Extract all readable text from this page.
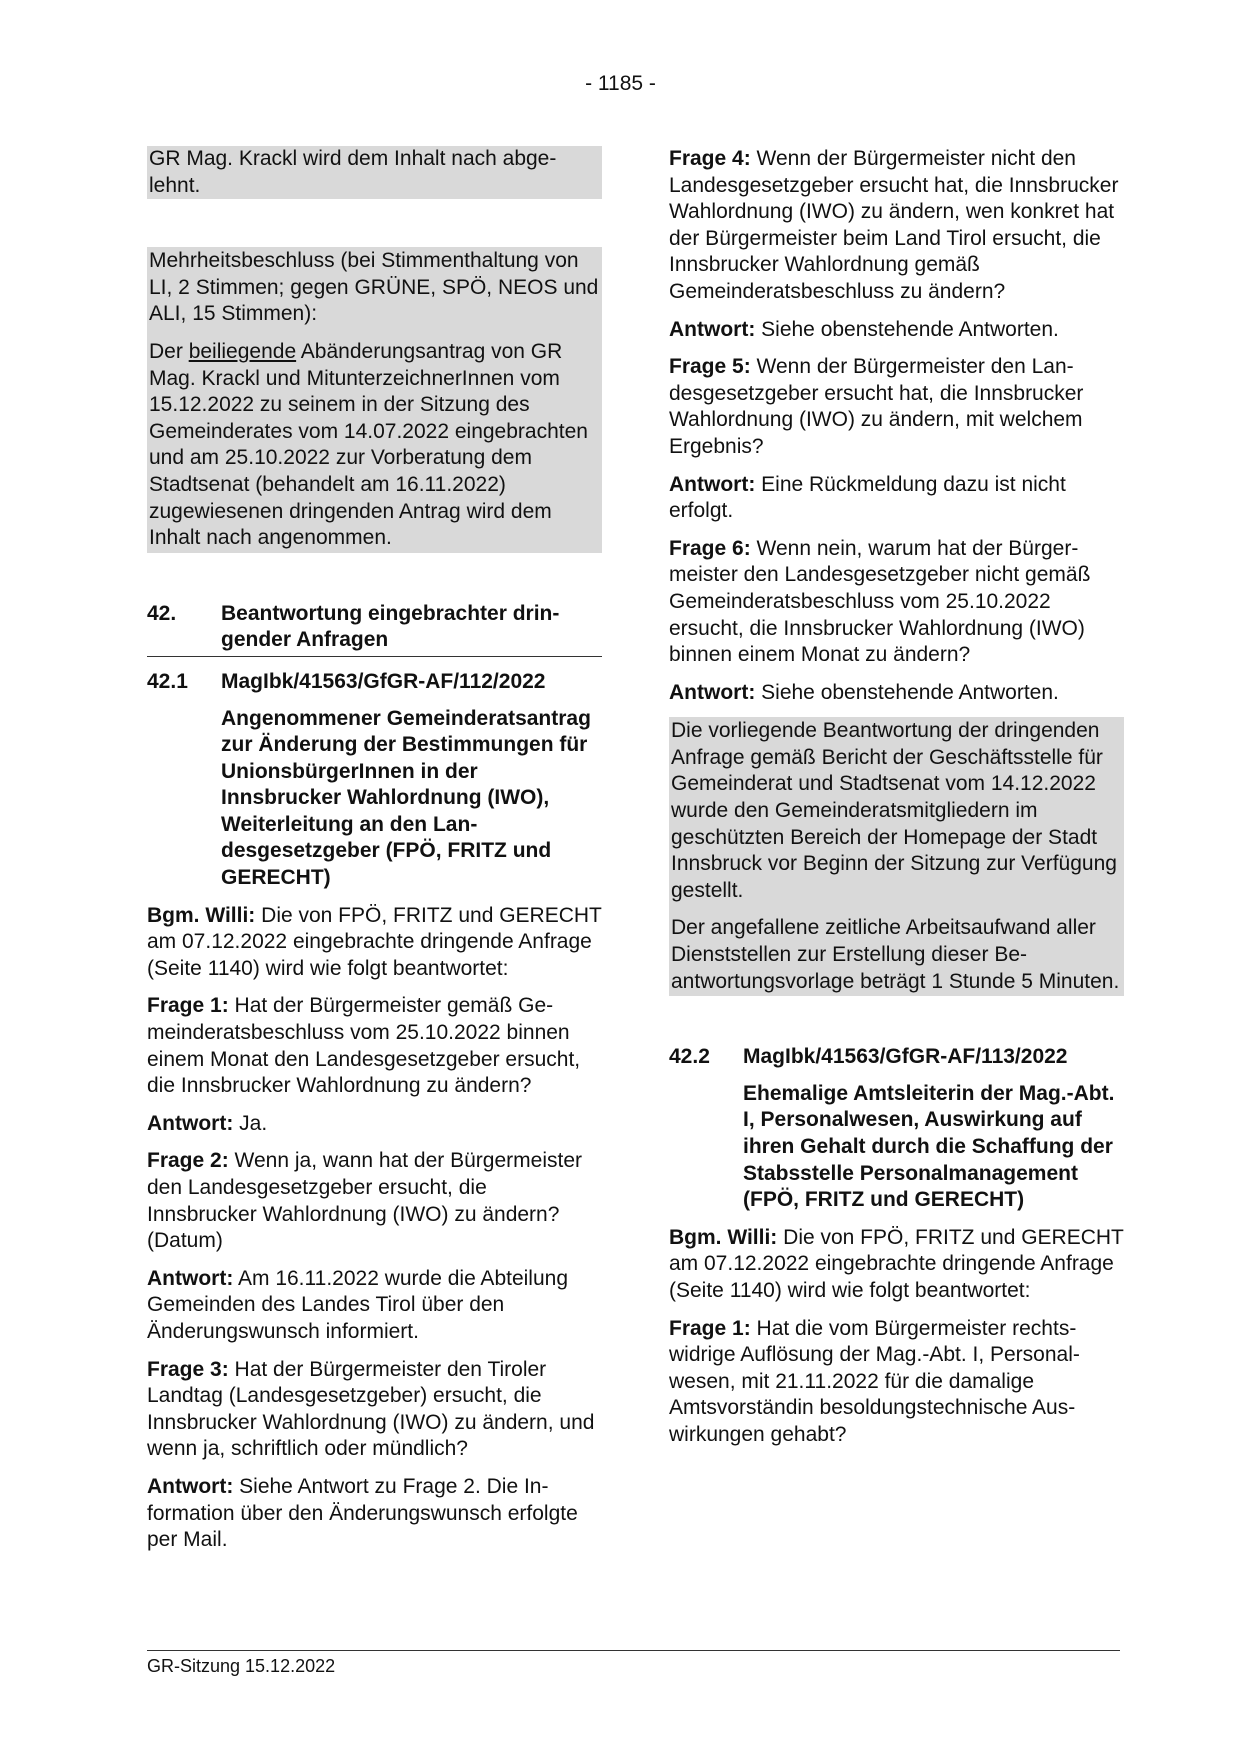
- 1185 -

GR Mag. Krackl wird dem Inhalt nach abgelehnt.

Mehrheitsbeschluss (bei Stimmenthaltung von LI, 2 Stimmen; gegen GRÜNE, SPÖ, NEOS und ALI, 15 Stimmen):

Der beiliegende Abänderungsantrag von GR Mag. Krackl und MitunterzeichnerInnen vom 15.12.2022 zu seinem in der Sitzung des Gemeinderates vom 14.07.2022 eingebrachten und am 25.10.2022 zur Vorberatung dem Stadtsenat (behandelt am 16.11.2022) zugewiesenen dringenden Antrag wird dem Inhalt nach angenommen.

42.	Beantwortung eingebrachter dringender Anfragen
42.1	MagIbk/41563/GfGR-AF/112/2022

Angenommener Gemeinderatsantrag zur Änderung der Bestimmungen für UnionsbürgerInnen in der Innsbrucker Wahlordnung (IWO), Weiterleitung an den Landesgesetzgeber (FPÖ, FRITZ und GERECHT)

Bgm. Willi: Die von FPÖ, FRITZ und GERECHT am 07.12.2022 eingebrachte dringende Anfrage (Seite 1140) wird wie folgt beantwortet:

Frage 1: Hat der Bürgermeister gemäß Gemeinderatsbeschluss vom 25.10.2022 binnen einem Monat den Landesgesetzgeber ersucht, die Innsbrucker Wahlordnung zu ändern?

Antwort: Ja.

Frage 2: Wenn ja, wann hat der Bürgermeister den Landesgesetzgeber ersucht, die Innsbrucker Wahlordnung (IWO) zu ändern? (Datum)

Antwort: Am 16.11.2022 wurde die Abteilung Gemeinden des Landes Tirol über den Änderungswunsch informiert.

Frage 3: Hat der Bürgermeister den Tiroler Landtag (Landesgesetzgeber) ersucht, die Innsbrucker Wahlordnung (IWO) zu ändern, und wenn ja, schriftlich oder mündlich?

Antwort: Siehe Antwort zu Frage 2. Die Information über den Änderungswunsch erfolgte per Mail.

Frage 4: Wenn der Bürgermeister nicht den Landesgesetzgeber ersucht hat, die Innsbrucker Wahlordnung (IWO) zu ändern, wen konkret hat der Bürgermeister beim Land Tirol ersucht, die Innsbrucker Wahlordnung gemäß Gemeinderatsbeschluss zu ändern?

Antwort: Siehe obenstehende Antworten.

Frage 5: Wenn der Bürgermeister den Landesgesetzgeber ersucht hat, die Innsbrucker Wahlordnung (IWO) zu ändern, mit welchem Ergebnis?

Antwort: Eine Rückmeldung dazu ist nicht erfolgt.

Frage 6: Wenn nein, warum hat der Bürgermeister den Landesgesetzgeber nicht gemäß Gemeinderatsbeschluss vom 25.10.2022 ersucht, die Innsbrucker Wahlordnung (IWO) binnen einem Monat zu ändern?

Antwort: Siehe obenstehende Antworten.

Die vorliegende Beantwortung der dringenden Anfrage gemäß Bericht der Geschäftsstelle für Gemeinderat und Stadtsenat vom 14.12.2022 wurde den Gemeinderatsmitgliedern im geschützten Bereich der Homepage der Stadt Innsbruck vor Beginn der Sitzung zur Verfügung gestellt.

Der angefallene zeitliche Arbeitsaufwand aller Dienststellen zur Erstellung dieser Beantwortungsvorlage beträgt 1 Stunde 5 Minuten.

42.2	MagIbk/41563/GfGR-AF/113/2022

Ehemalige Amtsleiterin der Mag.-Abt. I, Personalwesen, Auswirkung auf ihren Gehalt durch die Schaffung der Stabsstelle Personalmanagement (FPÖ, FRITZ und GERECHT)

Bgm. Willi: Die von FPÖ, FRITZ und GERECHT am 07.12.2022 eingebrachte dringende Anfrage (Seite 1140) wird wie folgt beantwortet:

Frage 1: Hat die vom Bürgermeister rechtswidrige Auflösung der Mag.-Abt. I, Personalwesen, mit 21.11.2022 für die damalige Amtsvorständin besoldungstechnische Auswirkungen gehabt?

GR-Sitzung 15.12.2022
